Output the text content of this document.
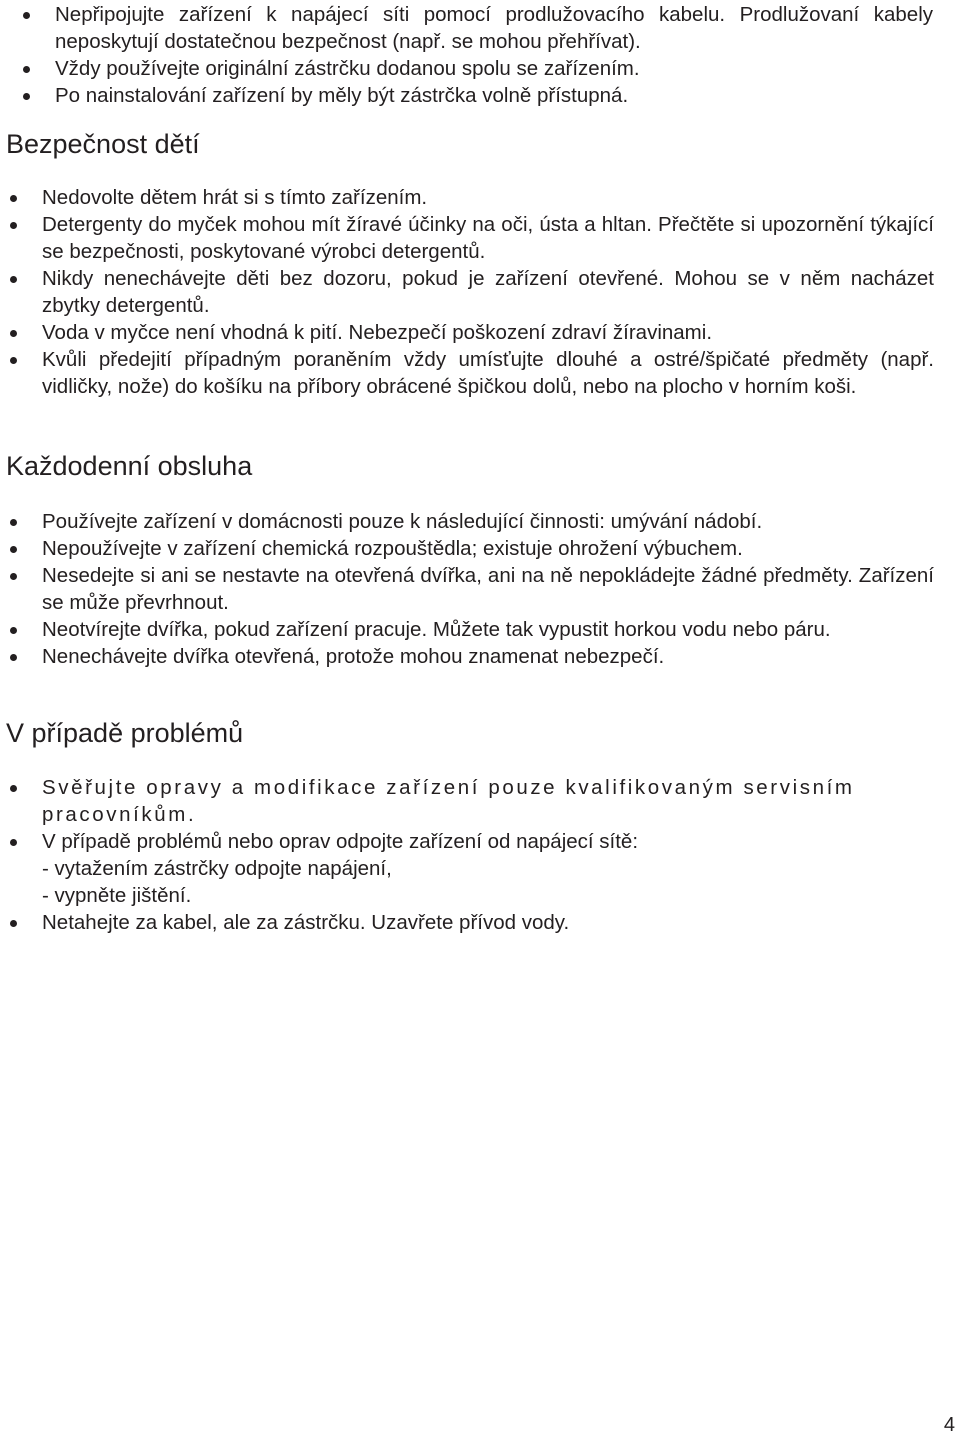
Nepřipojujte zařízení k napájecí síti pomocí prodlužovacího kabelu. Prodlužovaní kabely neposkytují dostatečnou bezpečnost (např. se mohou přehřívat).
Vždy používejte originální zástrčku dodanou spolu se zařízením.
Po nainstalování zařízení by měly být zástrčka volně přístupná.
Bezpečnost dětí
Nedovolte dětem hrát si s tímto zařízením.
Detergenty do myček mohou mít žíravé účinky na oči, ústa a hltan. Přečtěte si upozornění týkající se bezpečnosti, poskytované výrobci detergentů.
Nikdy nenechávejte děti bez dozoru, pokud je zařízení otevřené. Mohou se v něm nacházet zbytky detergentů.
Voda v myčce není vhodná k pití. Nebezpečí poškození zdraví žíravinami.
Kvůli předejití případným poraněním vždy umísťujte dlouhé a ostré/špičaté předměty (např. vidličky, nože) do košíku na příbory obrácené špičkou dolů, nebo na plocho v horním koši.
Každodenní obsluha
Používejte zařízení v domácnosti pouze k následující činnosti: umývání nádobí.
Nepoužívejte v zařízení chemická rozpouštědla; existuje ohrožení výbuchem.
Nesedejte si ani se nestavte na otevřená dvířka, ani na ně nepokládejte žádné předměty. Zařízení se může převrhnout.
Neotvírejte dvířka, pokud zařízení pracuje. Můžete tak vypustit horkou vodu nebo páru.
Nenechávejte dvířka otevřená, protože mohou znamenat nebezpečí.
V případě problémů
Svěřujte opravy a modifikace zařízení pouze kvalifikovaným servisním pracovníkům.
V případě problémů nebo oprav odpojte zařízení od napájecí sítě:
- vytažením zástrčky odpojte napájení,
- vypněte jištění.
Netahejte za kabel, ale za zástrčku. Uzavřete přívod vody.
4
